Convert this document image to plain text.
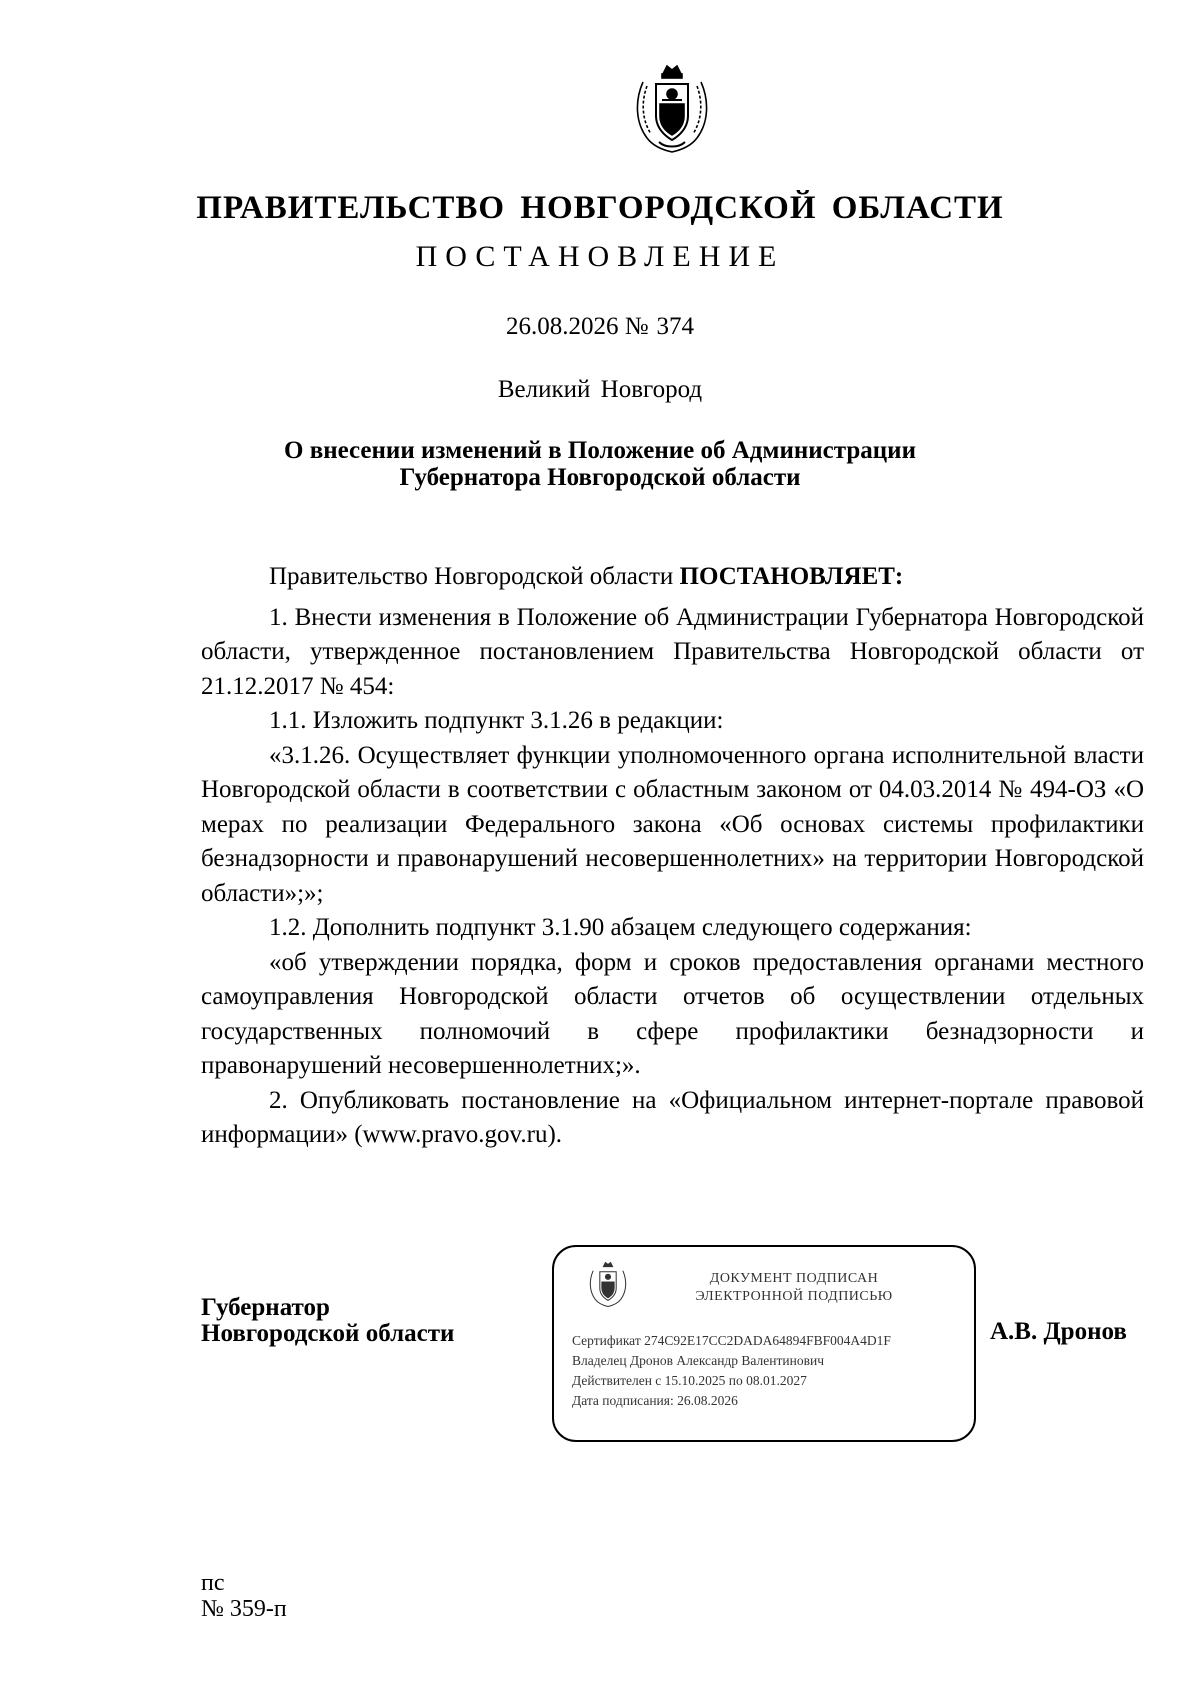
ПРАВИТЕЛЬСТВО НОВГОРОДСКОЙ ОБЛАСТИ
ПОСТАНОВЛЕНИЕ
26.08.2026 № 374
Великий Новгород
О внесении изменений в Положение об Администрации
Губернатора Новгородской области

Правительство Новгородской области ПОСТАНОВЛЯЕТ:

1. Внести изменения в Положение об Администрации Губернатора Новгородской области, утвержденное постановлением Правительства Новгородской области от 21.12.2017 № 454:

1.1. Изложить подпункт 3.1.26 в редакции:

«3.1.26. Осуществляет функции уполномоченного органа исполнительной власти Новгородской области в соответствии с областным законом от 04.03.2014 № 494-ОЗ «О мерах по реализации Федерального закона «Об основах системы профилактики безнадзорности и правонарушений несовершеннолетних» на территории Новгородской области»;»;

1.2. Дополнить подпункт 3.1.90 абзацем следующего содержания:

«об утверждении порядка, форм и сроков предоставления органами местного самоуправления Новгородской области отчетов об осуществлении отдельных государственных полномочий в сфере профилактики безнадзорности и правонарушений несовершеннолетних;».

2. Опубликовать постановление на «Официальном интернет-портале правовой информации» (www.pravo.gov.ru).

Губернатор
Новгородской области
ДОКУМЕНТ ПОДПИСАН
ЭЛЕКТРОННОЙ ПОДПИСЬЮ
Сертификат 274C92E17CC2DADA64894FBF004A4D1F
Владелец Дронов Александр Валентинович
Действителен с 15.10.2025 по 08.01.2027
Дата подписания: 26.08.2026
А.В. Дронов
пс
№ 359-п
